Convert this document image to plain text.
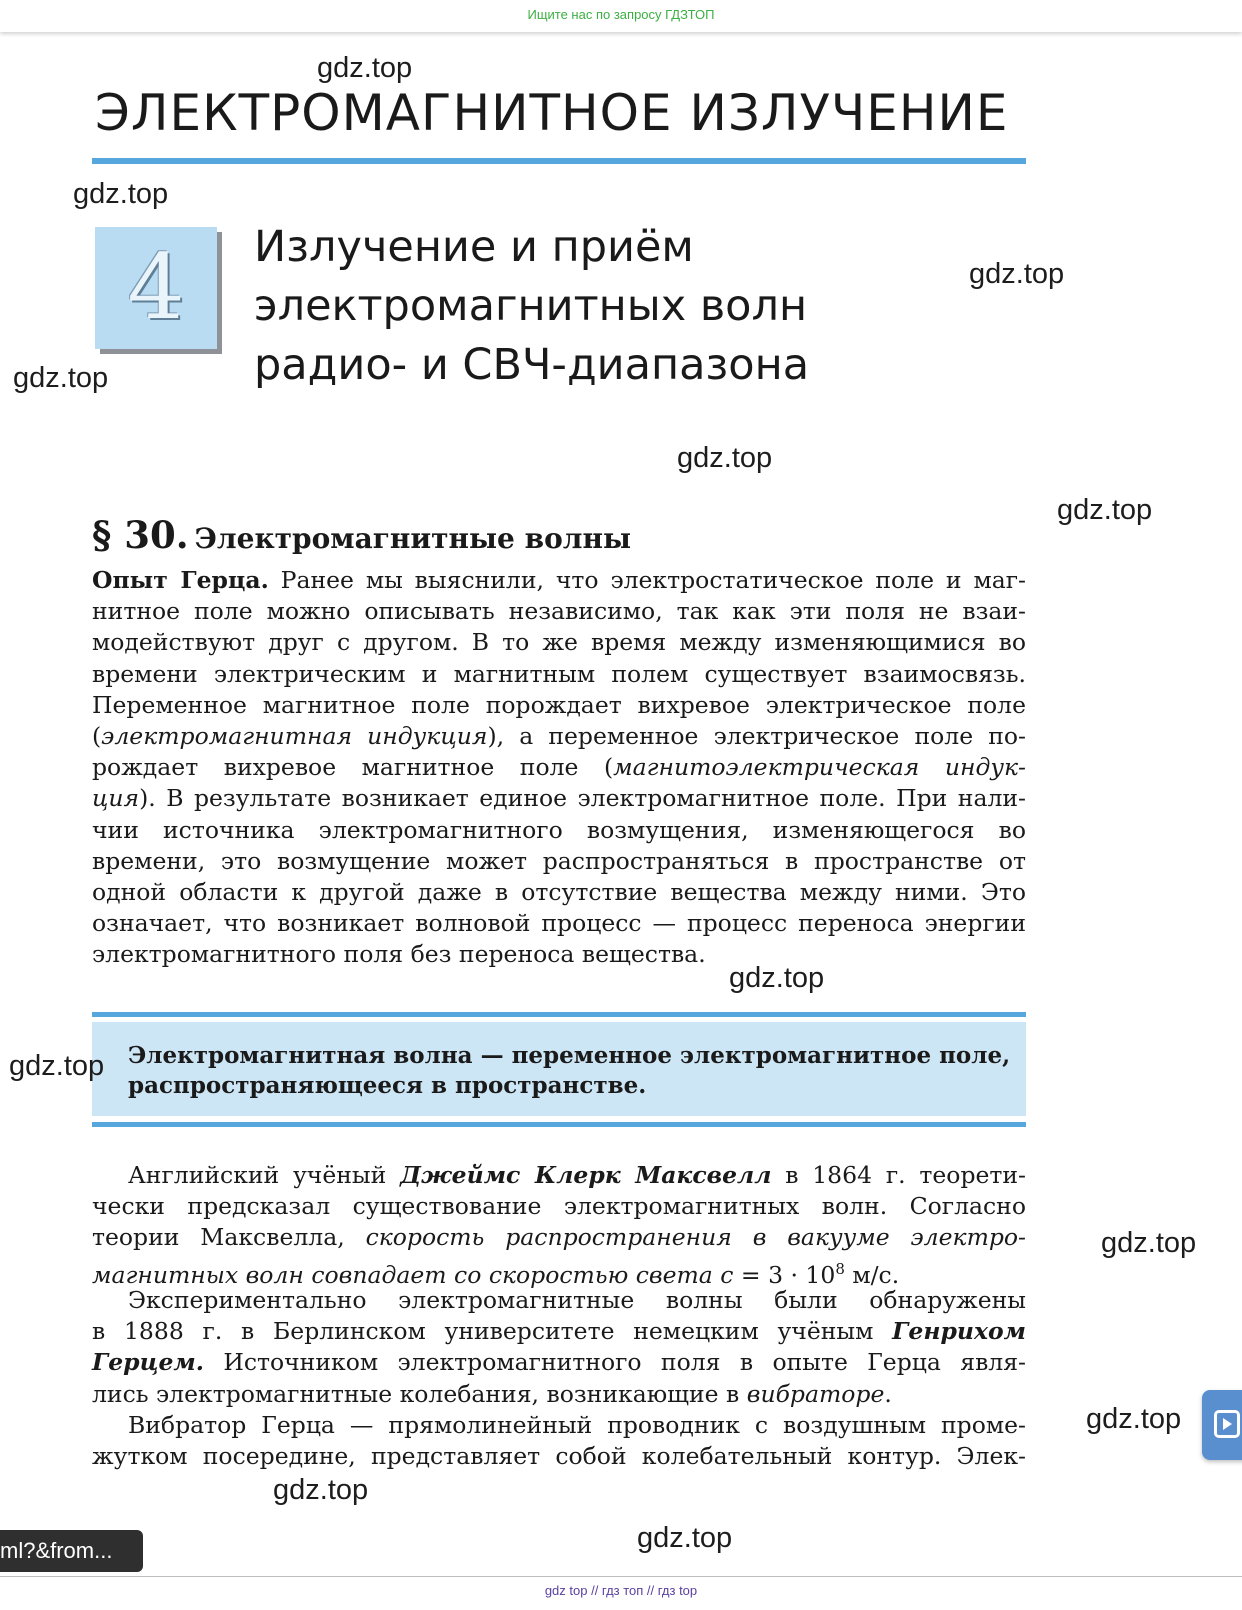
Ищите нас по запросу ГДЗТОП
ЭЛЕКТРОМАГНИТНОЕ ИЗЛУЧЕНИЕ
4	Излучение и приём
электромагнитных волн
радио- и СВЧ-диапазона
§ 30. Электромагнитные волны
Опыт Герца. Ранее мы выяснили, что электростатическое поле и маг-
нитное поле можно описывать независимо, так как эти поля не взаи-
модействуют друг с другом. В то же время между изменяющимися во
времени электрическим и магнитным полем существует взаимосвязь.
Переменное магнитное поле порождает вихревое электрическое поле
(электромагнитная индукция), а переменное электрическое поле по-
рождает вихревое магнитное поле (магнитоэлектрическая индук-
ция). В результате возникает единое электромагнитное поле. При нали-
чии источника электромагнитного возмущения, изменяющегося во
времени, это возмущение может распространяться в пространстве от
одной области к другой даже в отсутствие вещества между ними. Это
означает, что возникает волновой процесс — процесс переноса энергии
электромагнитного поля без переноса вещества.
Электромагнитная волна — переменное электромагнитное поле,
распространяющееся в пространстве.
Английский учёный Джеймс Клерк Максвелл в 1864 г. теорети-
чески предсказал существование электромагнитных волн. Согласно
теории Максвелла, скорость распространения в вакууме электро-
магнитных волн совпадает со скоростью света $c = 3 \cdot 10^8$ м/с.
Экспериментально электромагнитные волны были обнаружены
в 1888 г. в Берлинском университете немецким учёным Генрихом
Герцем. Источником электромагнитного поля в опыте Герца явля-
лись электромагнитные колебания, возникающие в вибраторе.
Вибратор Герца — прямолинейный проводник с воздушным проме-
жутком посередине, представляет собой колебательный контур. Элек-
gdz.top
gdz.top
gdz.top
gdz.top
gdz.top
gdz.top
gdz.top
gdz.top
gdz.top
gdz.top
gdz.top
gdz.top
ml?&from...
gdz top // гдз топ // гдз top
